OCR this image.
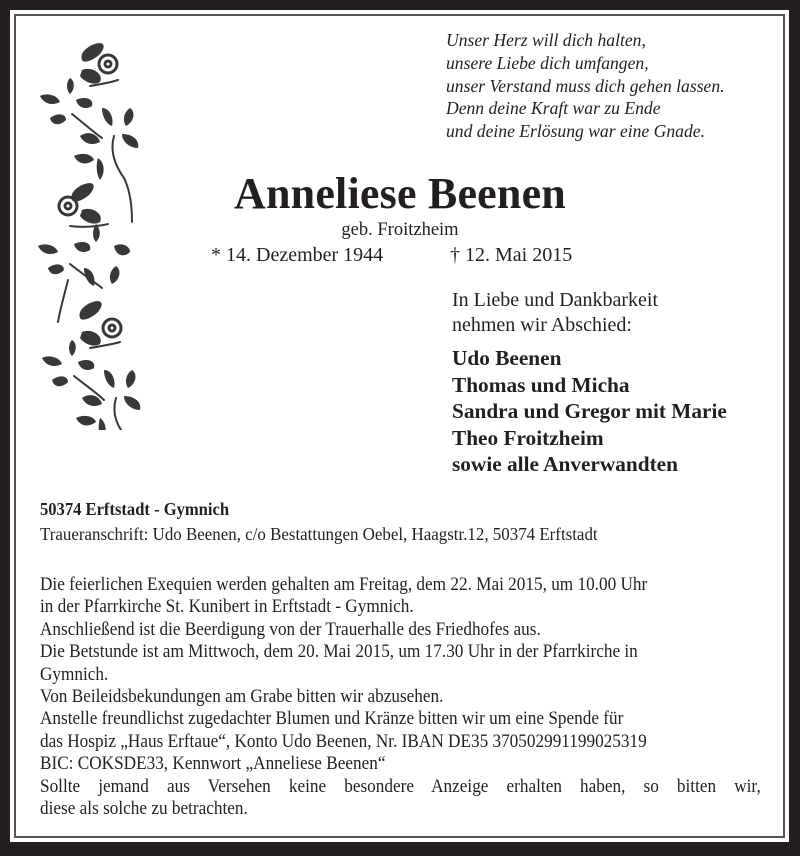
Unser Herz will dich halten,
unsere Liebe dich umfangen,
unser Verstand muss dich gehen lassen.
Denn deine Kraft war zu Ende
und deine Erlösung war eine Gnade.
Anneliese Beenen
geb. Froitzheim
* 14. Dezember 1944	† 12. Mai 2015
In Liebe und Dankbarkeit
nehmen wir Abschied:
Udo Beenen
Thomas und Micha
Sandra und Gregor mit Marie
Theo Froitzheim
sowie alle Anverwandten
50374 Erftstadt - Gymnich
Traueranschrift: Udo Beenen, c/o Bestattungen Oebel, Haagstr.12, 50374 Erftstadt
Die feierlichen Exequien werden gehalten am Freitag, dem 22. Mai 2015, um 10.00 Uhr
in der Pfarrkirche St. Kunibert in Erftstadt - Gymnich.
Anschließend ist die Beerdigung von der Trauerhalle des Friedhofes aus.
Die Betstunde ist am Mittwoch, dem 20. Mai 2015, um 17.30 Uhr in der Pfarrkirche in
Gymnich.
Von Beileidsbekundungen am Grabe bitten wir abzusehen.
Anstelle freundlichst zugedachter Blumen und Kränze bitten wir um eine Spende für
das Hospiz „Haus Erftaue“, Konto Udo Beenen, Nr. IBAN DE35 370502991199025319
BIC: COKSDE33, Kennwort „Anneliese Beenen“
Sollte jemand aus Versehen keine besondere Anzeige erhalten haben, so bitten wir,
diese als solche zu betrachten.
